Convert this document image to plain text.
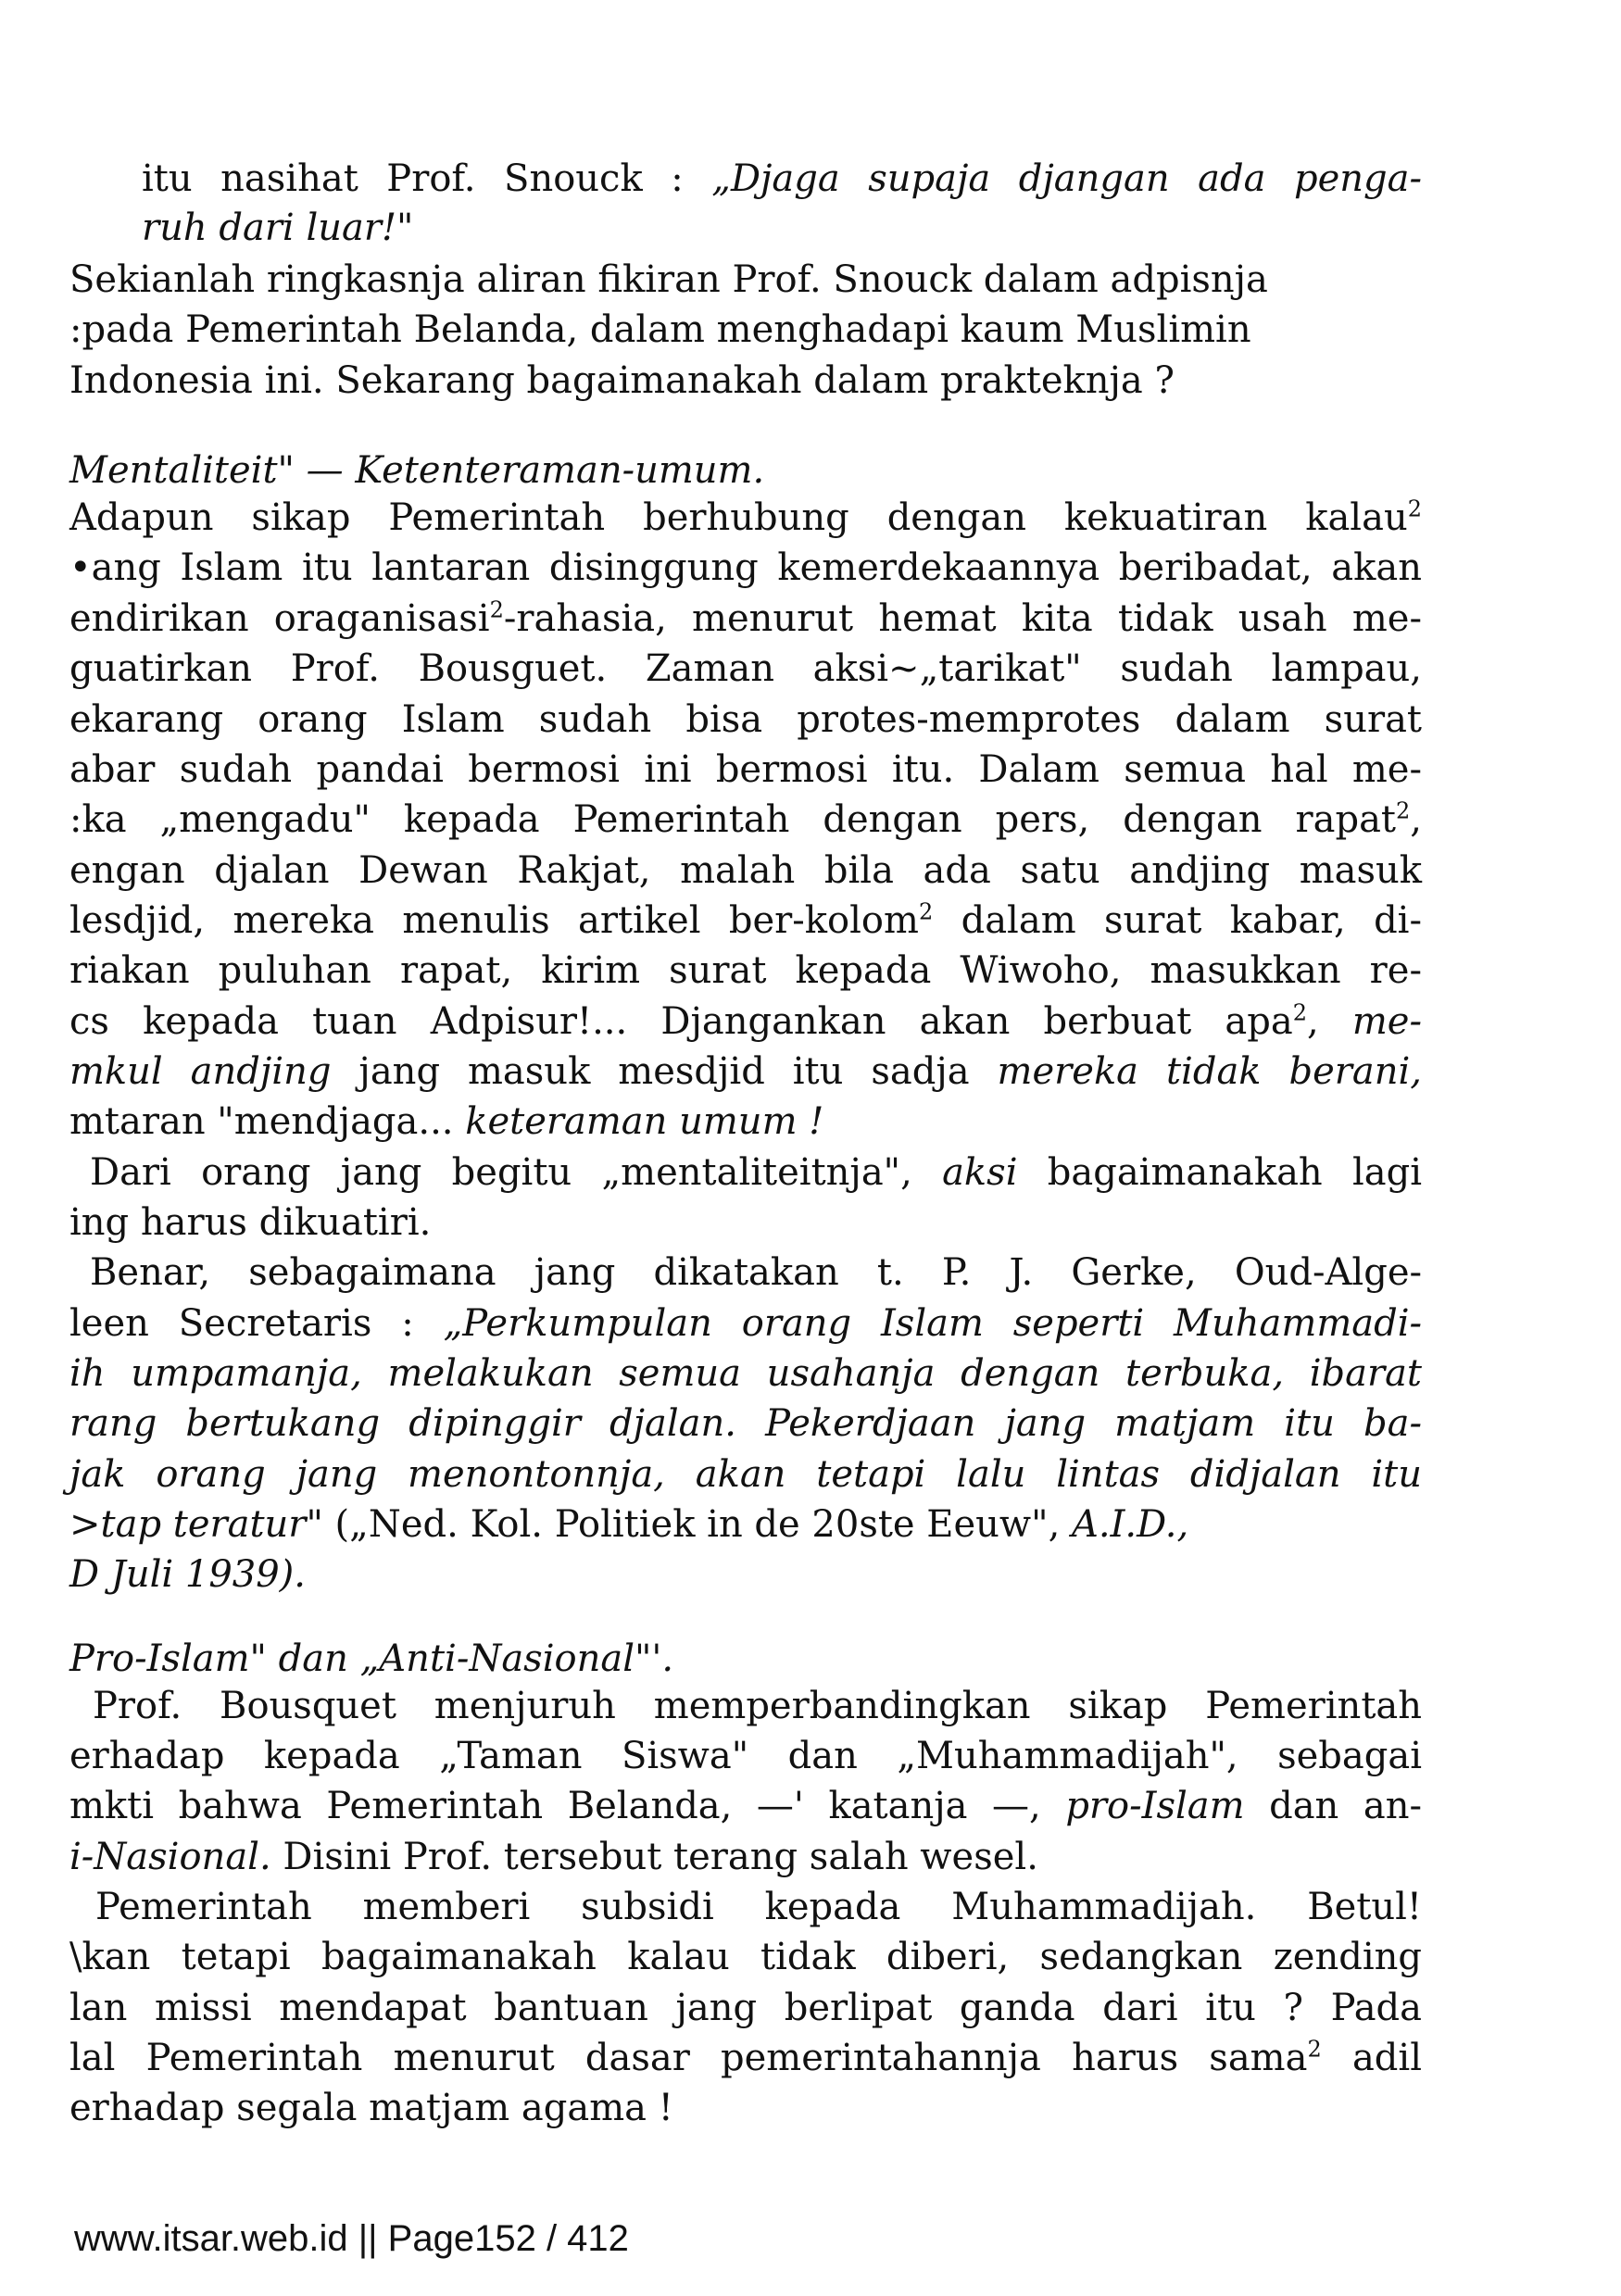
itu nasihat Prof. Snouck : „Djaga supaja djangan ada penga-
ruh dari luar!"
Sekianlah ringkasnja aliran fikiran Prof. Snouck dalam adpisnja
:pada Pemerintah Belanda, dalam menghadapi kaum Muslimin
Indonesia ini. Sekarang bagaimanakah dalam prakteknja ?
Mentaliteit" — Ketenteraman-umum.
Adapun sikap Pemerintah berhubung dengan kekuatiran kalau$^2$
•ang Islam itu lantaran disinggung kemerdekaannya beribadat, akan
endirikan oraganisasi$^2$-rahasia, menurut hemat kita tidak usah me-
guatirkan Prof. Bousguet. Zaman aksi~„tarikat" sudah lampau,
ekarang orang Islam sudah bisa protes-memprotes dalam surat
abar sudah pandai bermosi ini bermosi itu. Dalam semua hal me-
:ka „mengadu" kepada Pemerintah dengan pers, dengan rapat$^2$,
engan djalan Dewan Rakjat, malah bila ada satu andjing masuk
lesdjid, mereka menulis artikel ber-kolom$^2$ dalam surat kabar, di-
riakan puluhan rapat, kirim surat kepada Wiwoho, masukkan re-
cs kepada tuan Adpisur!... Djangankan akan berbuat apa$^2$, me-
mkul andjing jang masuk mesdjid itu sadja mereka tidak berani,
mtaran "mendjaga... keteraman umum !
Dari orang jang begitu „mentaliteitnja", aksi bagaimanakah lagi
ing harus dikuatiri.
Benar, sebagaimana jang dikatakan t. P. J. Gerke, Oud-Alge-
leen Secretaris : „Perkumpulan orang Islam seperti Muhammadi-
ih umpamanja, melakukan semua usahanja dengan terbuka, ibarat
rang bertukang dipinggir djalan. Pekerdjaan jang matjam itu ba-
jak orang jang menontonnja, akan tetapi lalu lintas didjalan itu
>tap teratur" („Ned. Kol. Politiek in de 20ste Eeuw", A.I.D.,
D Juli 1939).
Pro-Islam" dan „Anti-Nasional"'.
Prof. Bousquet menjuruh memperbandingkan sikap Pemerintah
erhadap kepada „Taman Siswa" dan „Muhammadijah", sebagai
mkti bahwa Pemerintah Belanda, —' katanja —, pro-Islam dan an-
i-Nasional. Disini Prof. tersebut terang salah wesel.
Pemerintah memberi subsidi kepada Muhammadijah. Betul!
\kan tetapi bagaimanakah kalau tidak diberi, sedangkan zending
lan missi mendapat bantuan jang berlipat ganda dari itu ? Pada
lal Pemerintah menurut dasar pemerintahannja harus sama$^2$ adil
erhadap segala matjam agama !
www.itsar.web.id || Page152 / 412
